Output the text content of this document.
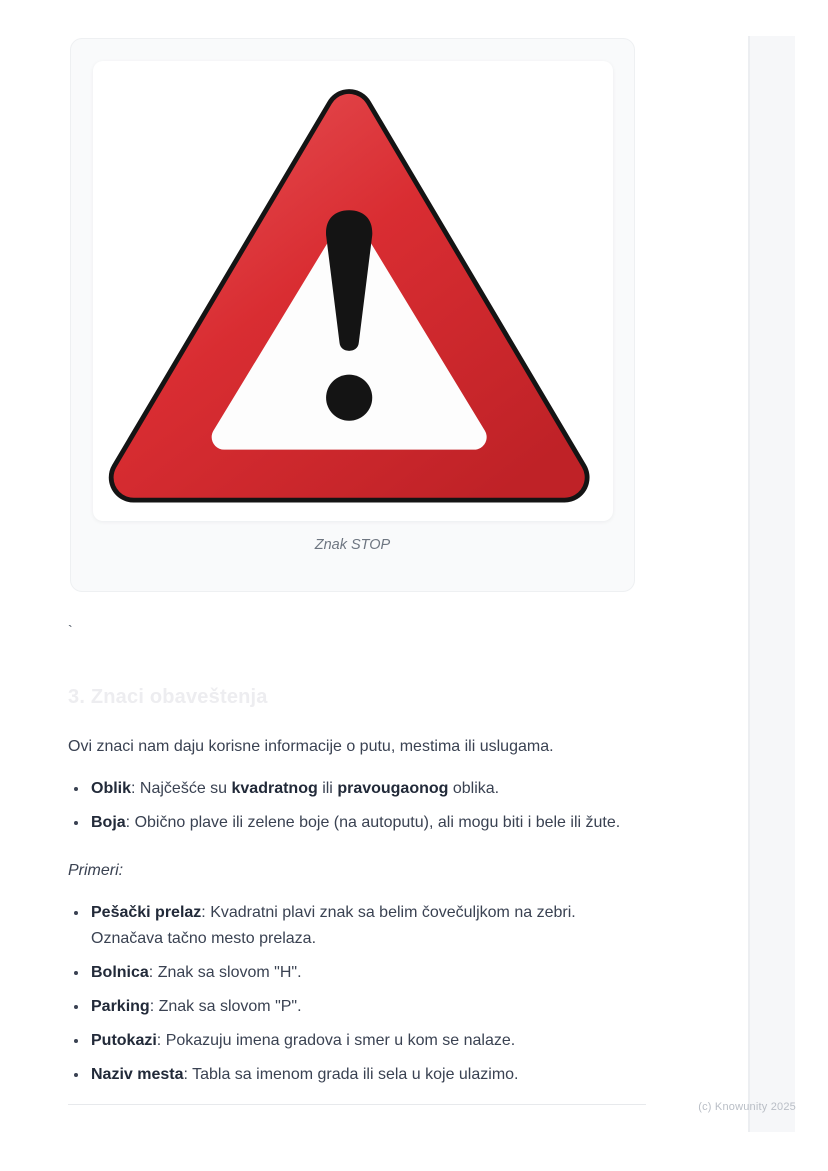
Znak STOP
`
3. Znaci obaveštenja

Ovi znaci nam daju korisne informacije o putu, mestima ili uslugama.

• Oblik: Najčešće su kvadratnog ili pravougaonog oblika.
• Boja: Obično plave ili zelene boje (na autoputu), ali mogu biti i bele ili žute.

Primeri:

• Pešački prelaz: Kvadratni plavi znak sa belim čovečuljkom na zebri.
Označava tačno mesto prelaza.
• Bolnica: Znak sa slovom "H".
• Parking: Znak sa slovom "P".
• Putokazi: Pokazuju imena gradova i smer u kom se nalaze.
• Naziv mesta: Tabla sa imenom grada ili sela u koje ulazimo.
(c) Knowunity 2025
